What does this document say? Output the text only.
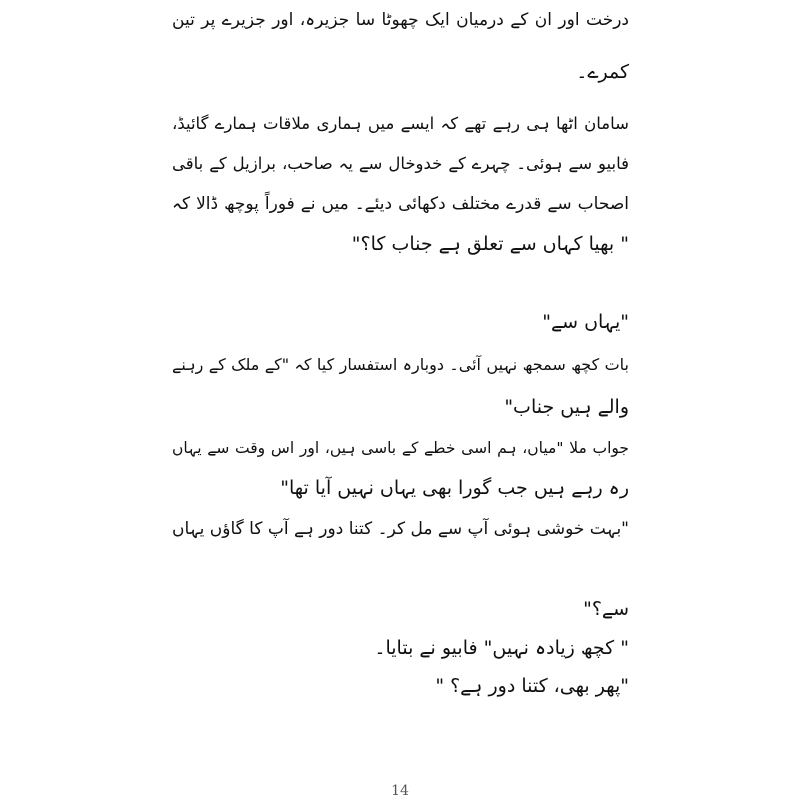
درخت اور ان کے درمیان ایک چھوٹا سا جزیرہ، اور جزیرے پر تین
کمرے۔
سامان اٹھا ہی رہے تھے کہ ایسے میں ہماری ملاقات ہمارے گائیڈ،
فابیو سے ہوئی۔ چہرے کے خدوخال سے یہ صاحب، برازیل کے باقی
اصحاب سے قدرے مختلف دکھائی دیئے۔ میں نے فوراً پوچھ ڈالا کہ
" بھیا کہاں سے تعلق ہے جناب کا؟"
"یہاں سے"
بات کچھ سمجھ نہیں آئی۔ دوبارہ استفسار کیا کہ "کے ملک کے رہنے
والے ہیں جناب"
جواب ملا "میاں، ہم اسی خطے کے باسی ہیں، اور اس وقت سے یہاں
رہ رہے ہیں جب گورا بھی یہاں نہیں آیا تھا"
"بہت خوشی ہوئی آپ سے مل کر۔ کتنا دور ہے آپ کا گاؤں یہاں
سے؟"
" کچھ زیادہ نہیں" فابیو نے بتایا۔
"پھر بھی، کتنا دور ہے؟ "
14
